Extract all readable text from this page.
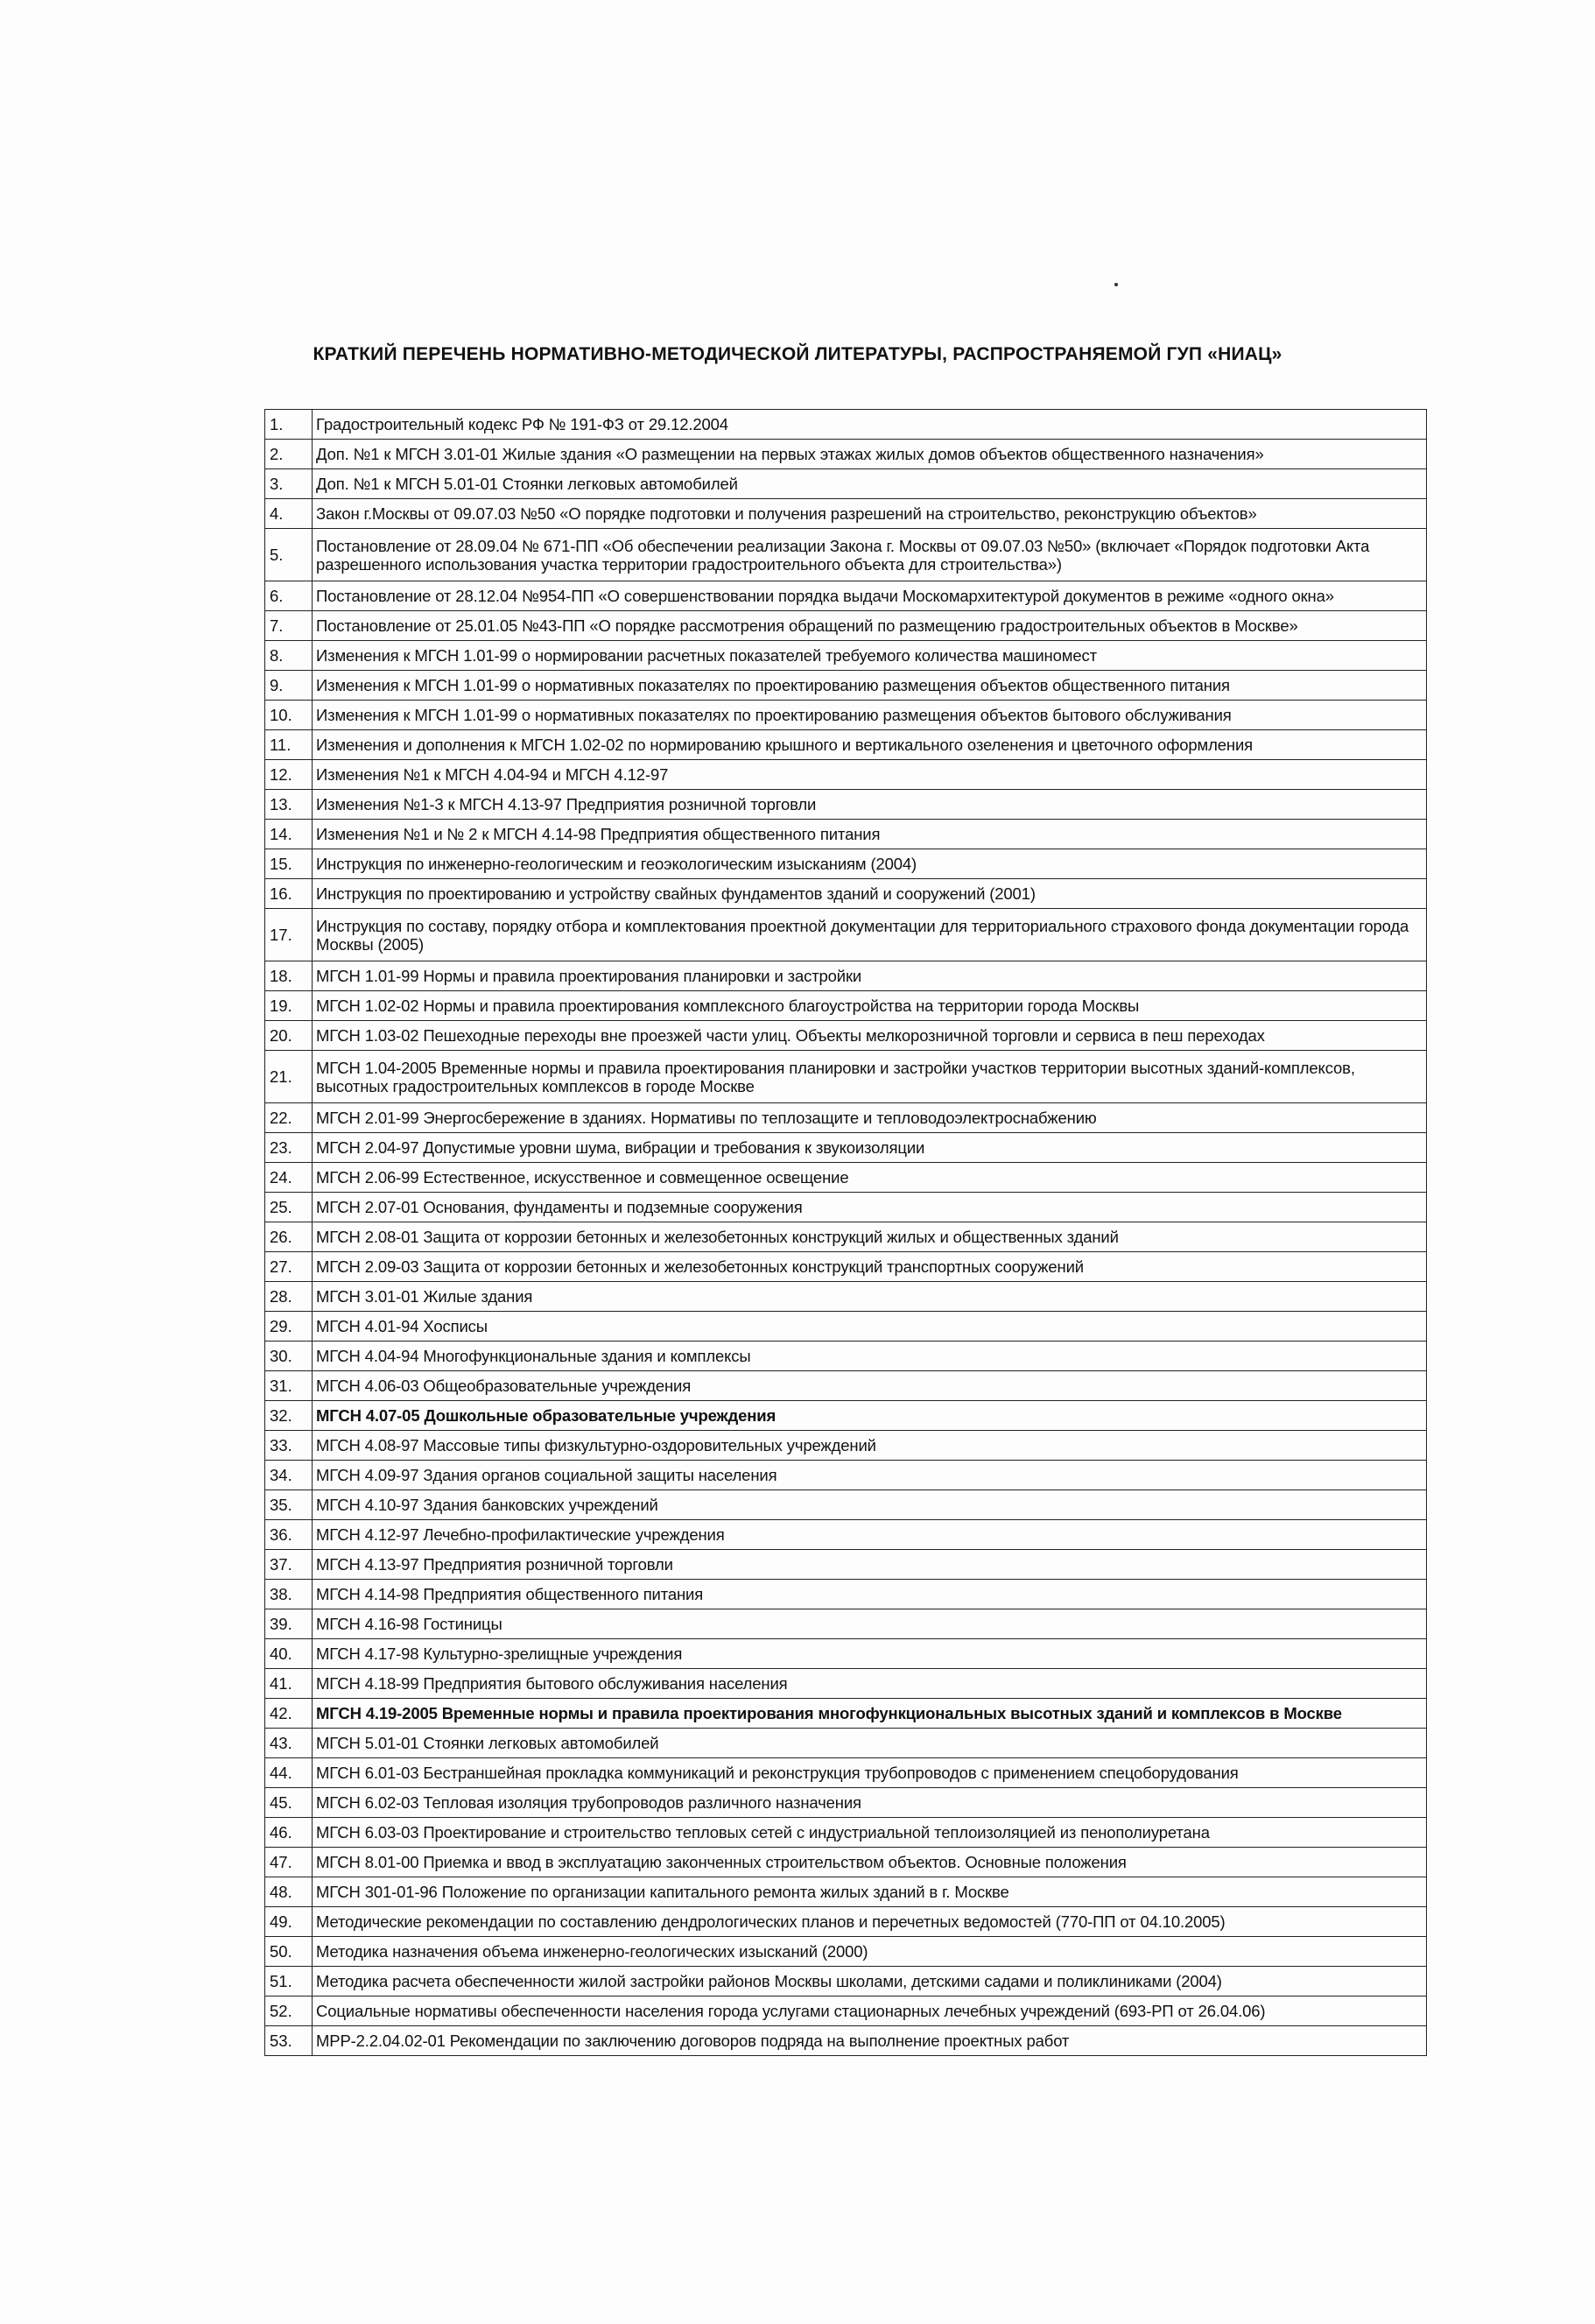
КРАТКИЙ ПЕРЕЧЕНЬ НОРМАТИВНО-МЕТОДИЧЕСКОЙ ЛИТЕРАТУРЫ, РАСПРОСТРАНЯЕМОЙ ГУП «НИАЦ»
1.	Градостроительный кодекс РФ № 191-ФЗ от 29.12.2004
2.	Доп. №1 к МГСН 3.01-01 Жилые здания «О размещении на первых этажах жилых домов объектов общественного назначения»
3.	Доп. №1 к МГСН 5.01-01 Стоянки легковых автомобилей
4.	Закон г.Москвы от 09.07.03 №50 «О порядке подготовки и получения разрешений на строительство, реконструкцию объектов»
5.	Постановление от 28.09.04 № 671-ПП «Об обеспечении реализации Закона г. Москвы от 09.07.03 №50» (включает «Порядок подготовки Акта разрешенного использования участка территории градостроительного объекта для строительства»)
6.	Постановление от 28.12.04 №954-ПП «О совершенствовании порядка выдачи Москомархитектурой документов в режиме «одного окна»
7.	Постановление от 25.01.05 №43-ПП «О порядке рассмотрения обращений по размещению градостроительных объектов в Москве»
8.	Изменения к МГСН 1.01-99 о нормировании расчетных показателей требуемого количества машиномест
9.	Изменения к МГСН 1.01-99 о нормативных показателях по проектированию размещения объектов общественного питания
10.	Изменения к МГСН 1.01-99 о нормативных показателях по проектированию размещения объектов бытового обслуживания
11.	Изменения и дополнения к МГСН 1.02-02 по нормированию крышного и вертикального озеленения и цветочного оформления
12.	Изменения №1 к МГСН 4.04-94 и МГСН 4.12-97
13.	Изменения №1-3 к МГСН 4.13-97 Предприятия розничной торговли
14.	Изменения №1 и № 2 к МГСН 4.14-98 Предприятия общественного питания
15.	Инструкция по инженерно-геологическим и геоэкологическим изысканиям (2004)
16.	Инструкция по проектированию и устройству свайных фундаментов зданий и сооружений (2001)
17.	Инструкция по составу, порядку отбора и комплектования проектной документации для территориального страхового фонда документации города Москвы (2005)
18.	МГСН 1.01-99 Нормы и правила проектирования планировки и застройки
19.	МГСН 1.02-02 Нормы и правила проектирования комплексного благоустройства на территории города Москвы
20.	МГСН 1.03-02 Пешеходные переходы вне проезжей части улиц. Объекты мелкорозничной торговли и сервиса в пеш переходах
21.	МГСН 1.04-2005 Временные нормы и правила проектирования планировки и застройки участков территории высотных зданий-комплексов, высотных градостроительных комплексов в городе Москве
22.	МГСН 2.01-99 Энергосбережение в зданиях. Нормативы по теплозащите и тепловодоэлектроснабжению
23.	МГСН 2.04-97 Допустимые уровни шума, вибрации и требования к звукоизоляции
24.	МГСН 2.06-99 Естественное, искусственное и совмещенное освещение
25.	МГСН 2.07-01 Основания, фундаменты и подземные сооружения
26.	МГСН 2.08-01 Защита от коррозии бетонных и железобетонных конструкций жилых и общественных зданий
27.	МГСН 2.09-03 Защита от коррозии бетонных и железобетонных конструкций транспортных сооружений
28.	МГСН 3.01-01 Жилые здания
29.	МГСН 4.01-94 Хосписы
30.	МГСН 4.04-94 Многофункциональные здания и комплексы
31.	МГСН 4.06-03 Общеобразовательные учреждения
32.	МГСН 4.07-05 Дошкольные образовательные учреждения
33.	МГСН 4.08-97 Массовые типы физкультурно-оздоровительных учреждений
34.	МГСН 4.09-97 Здания органов социальной защиты населения
35.	МГСН 4.10-97 Здания банковских учреждений
36.	МГСН 4.12-97 Лечебно-профилактические учреждения
37.	МГСН 4.13-97 Предприятия розничной торговли
38.	МГСН 4.14-98 Предприятия общественного питания
39.	МГСН 4.16-98 Гостиницы
40.	МГСН 4.17-98 Культурно-зрелищные учреждения
41.	МГСН 4.18-99 Предприятия бытового обслуживания населения
42.	МГСН 4.19-2005 Временные нормы и правила проектирования многофункциональных высотных зданий и комплексов в Москве
43.	МГСН 5.01-01 Стоянки легковых автомобилей
44.	МГСН 6.01-03 Бестраншейная прокладка коммуникаций и реконструкция трубопроводов с применением спецоборудования
45.	МГСН 6.02-03 Тепловая изоляция трубопроводов различного назначения
46.	МГСН 6.03-03 Проектирование и строительство тепловых сетей с индустриальной теплоизоляцией из пенополиуретана
47.	МГСН 8.01-00 Приемка и ввод в эксплуатацию законченных строительством объектов. Основные положения
48.	МГСН 301-01-96 Положение по организации капитального ремонта жилых зданий в г. Москве
49.	Методические рекомендации по составлению дендрологических планов и перечетных ведомостей (770-ПП от 04.10.2005)
50.	Методика назначения объема инженерно-геологических изысканий (2000)
51.	Методика расчета обеспеченности жилой застройки районов Москвы школами, детскими садами и поликлиниками (2004)
52.	Социальные нормативы обеспеченности населения города услугами стационарных лечебных учреждений (693-РП от 26.04.06)
53.	МРР-2.2.04.02-01 Рекомендации по заключению договоров подряда на выполнение проектных работ
